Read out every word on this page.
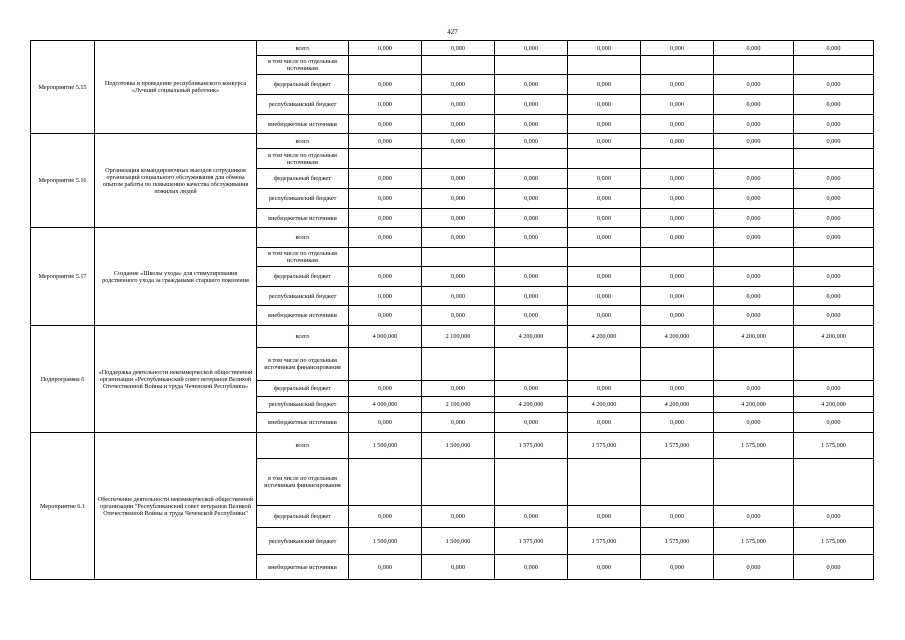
427
Мероприятие 5.15	Подготовка и проведение республиканского конкурса «Лучший социальный работник»	всего	0,000	0,000	0,000	0,000	0,000	0,000	0,000
		в том числе по отдельным источникам							
		федеральный бюджет	0,000	0,000	0,000	0,000	0,000	0,000	0,000
		республиканский бюджет	0,000	0,000	0,000	0,000	0,000	0,000	0,000
		внебюджетные источники	0,000	0,000	0,000	0,000	0,000	0,000	0,000
Мероприятие 5.16	Организация командировочных выездов сотрудников организаций социального обслуживания для обмена опытом работы по повышению качества обслуживания пожилых людей	всего	0,000	0,000	0,000	0,000	0,000	0,000	0,000
		в том числе по отдельным источникам							
		федеральный бюджет	0,000	0,000	0,000	0,000	0,000	0,000	0,000
		республиканский бюджет	0,000	0,000	0,000	0,000	0,000	0,000	0,000
		внебюджетные источники	0,000	0,000	0,000	0,000	0,000	0,000	0,000
Мероприятие 5.17	Создание «Школы ухода» для стимулирования родственного ухода за гражданами старшего поколения	всего	0,000	0,000	0,000	0,000	0,000	0,000	0,000
		в том числе по отдельным источникам							
		федеральный бюджет	0,000	0,000	0,000	0,000	0,000	0,000	0,000
		республиканский бюджет	0,000	0,000	0,000	0,000	0,000	0,000	0,000
		внебюджетные источники	0,000	0,000	0,000	0,000	0,000	0,000	0,000
Подпрограмма 6	«Поддержка деятельности некоммерческой общественной организации «Республиканский совет ветеранов Великой Отечественной Войны и труда Чеченской Республики»	всего	4 000,000	2 100,000	4 200,000	4 200,000	4 200,000	4 200,000	4 200,000
		в том числе по отдельным источникам финансирования							
		федеральный бюджет	0,000	0,000	0,000	0,000	0,000	0,000	0,000
		республиканский бюджет	4 000,000	2 100,000	4 200,000	4 200,000	4 200,000	4 200,000	4 200,000
		внебюджетные источники	0,000	0,000	0,000	0,000	0,000	0,000	0,000
Мероприятие 6.1	Обеспечение деятельности некоммерческой общественной организации "Республиканский совет ветеранов Великой Отечественной Войны и труда Чеченской Республики"	всего	1 500,000	1 500,000	1 575,000	1 575,000	1 575,000	1 575,000	1 575,000
		в том числе по отдельным источникам финансирования							
		федеральный бюджет	0,000	0,000	0,000	0,000	0,000	0,000	0,000
		республиканский бюджет	1 500,000	1 500,000	1 575,000	1 575,000	1 575,000	1 575,000	1 575,000
		внебюджетные источники	0,000	0,000	0,000	0,000	0,000	0,000	0,000
